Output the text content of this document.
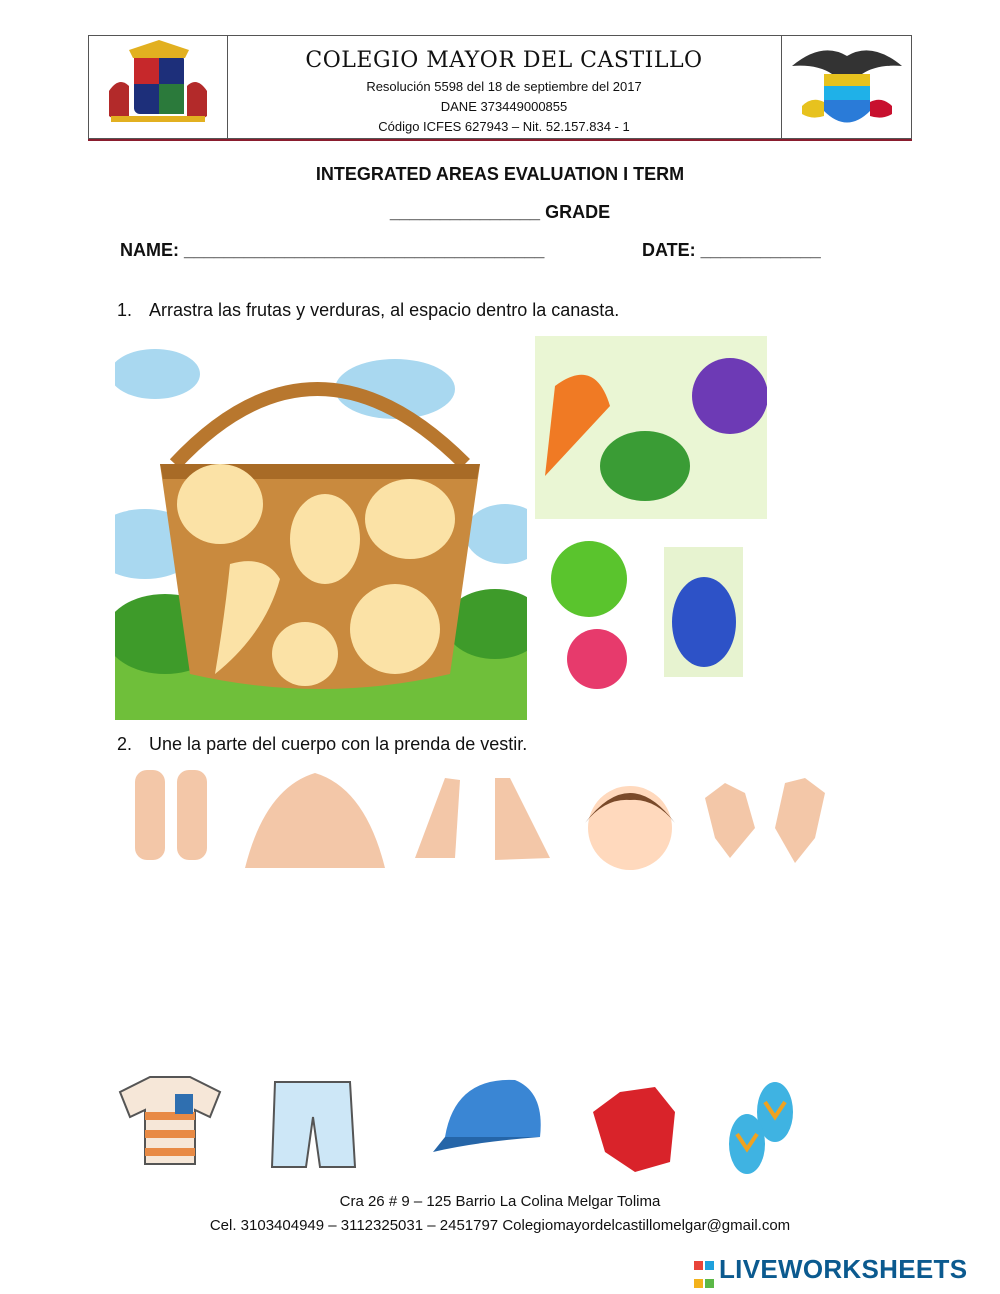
COLEGIO MAYOR DEL CASTILLO
Resolución 5598 del 18 de septiembre del 2017
DANE 373449000855
Código ICFES 627943 – Nit. 52.157.834 - 1
INTEGRATED AREAS EVALUATION I TERM
_______________ GRADE
NAME: ____________________________________	DATE: ____________
1. Arrastra las frutas y verduras, al espacio dentro la canasta.
2. Une la parte del cuerpo con la prenda de vestir.
Cra 26 # 9 – 125 Barrio La Colina Melgar Tolima
Cel. 3103404949 – 3112325031 – 2451797 Colegiomayordelcastillomelgar@gmail.com

LIVEWORKSHEETS
